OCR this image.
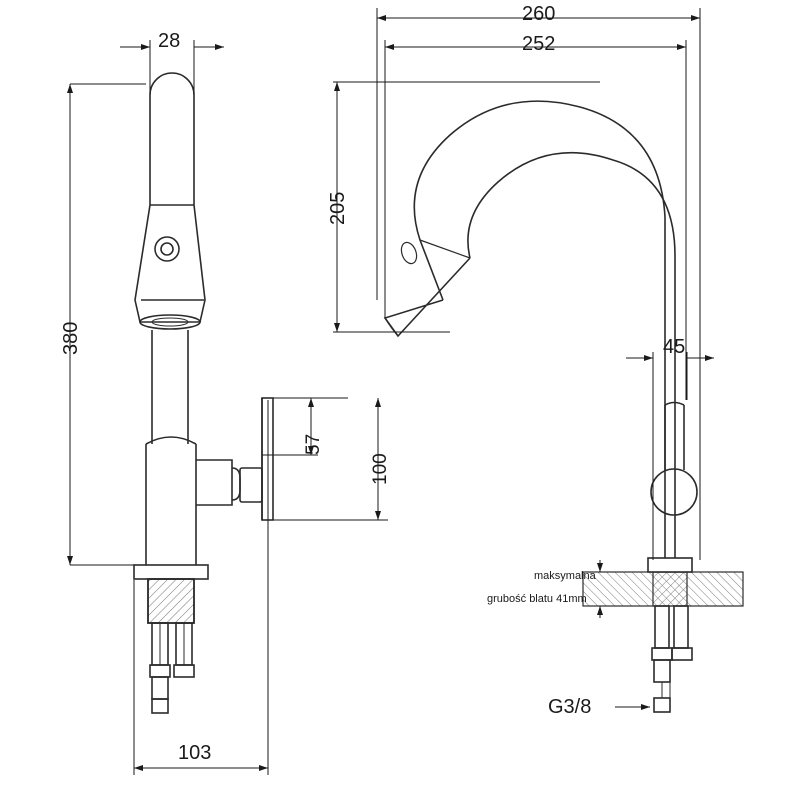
28
380
103
260
252
205
45
57
100
G3/8
maksymalna
grubość blatu 41mm
